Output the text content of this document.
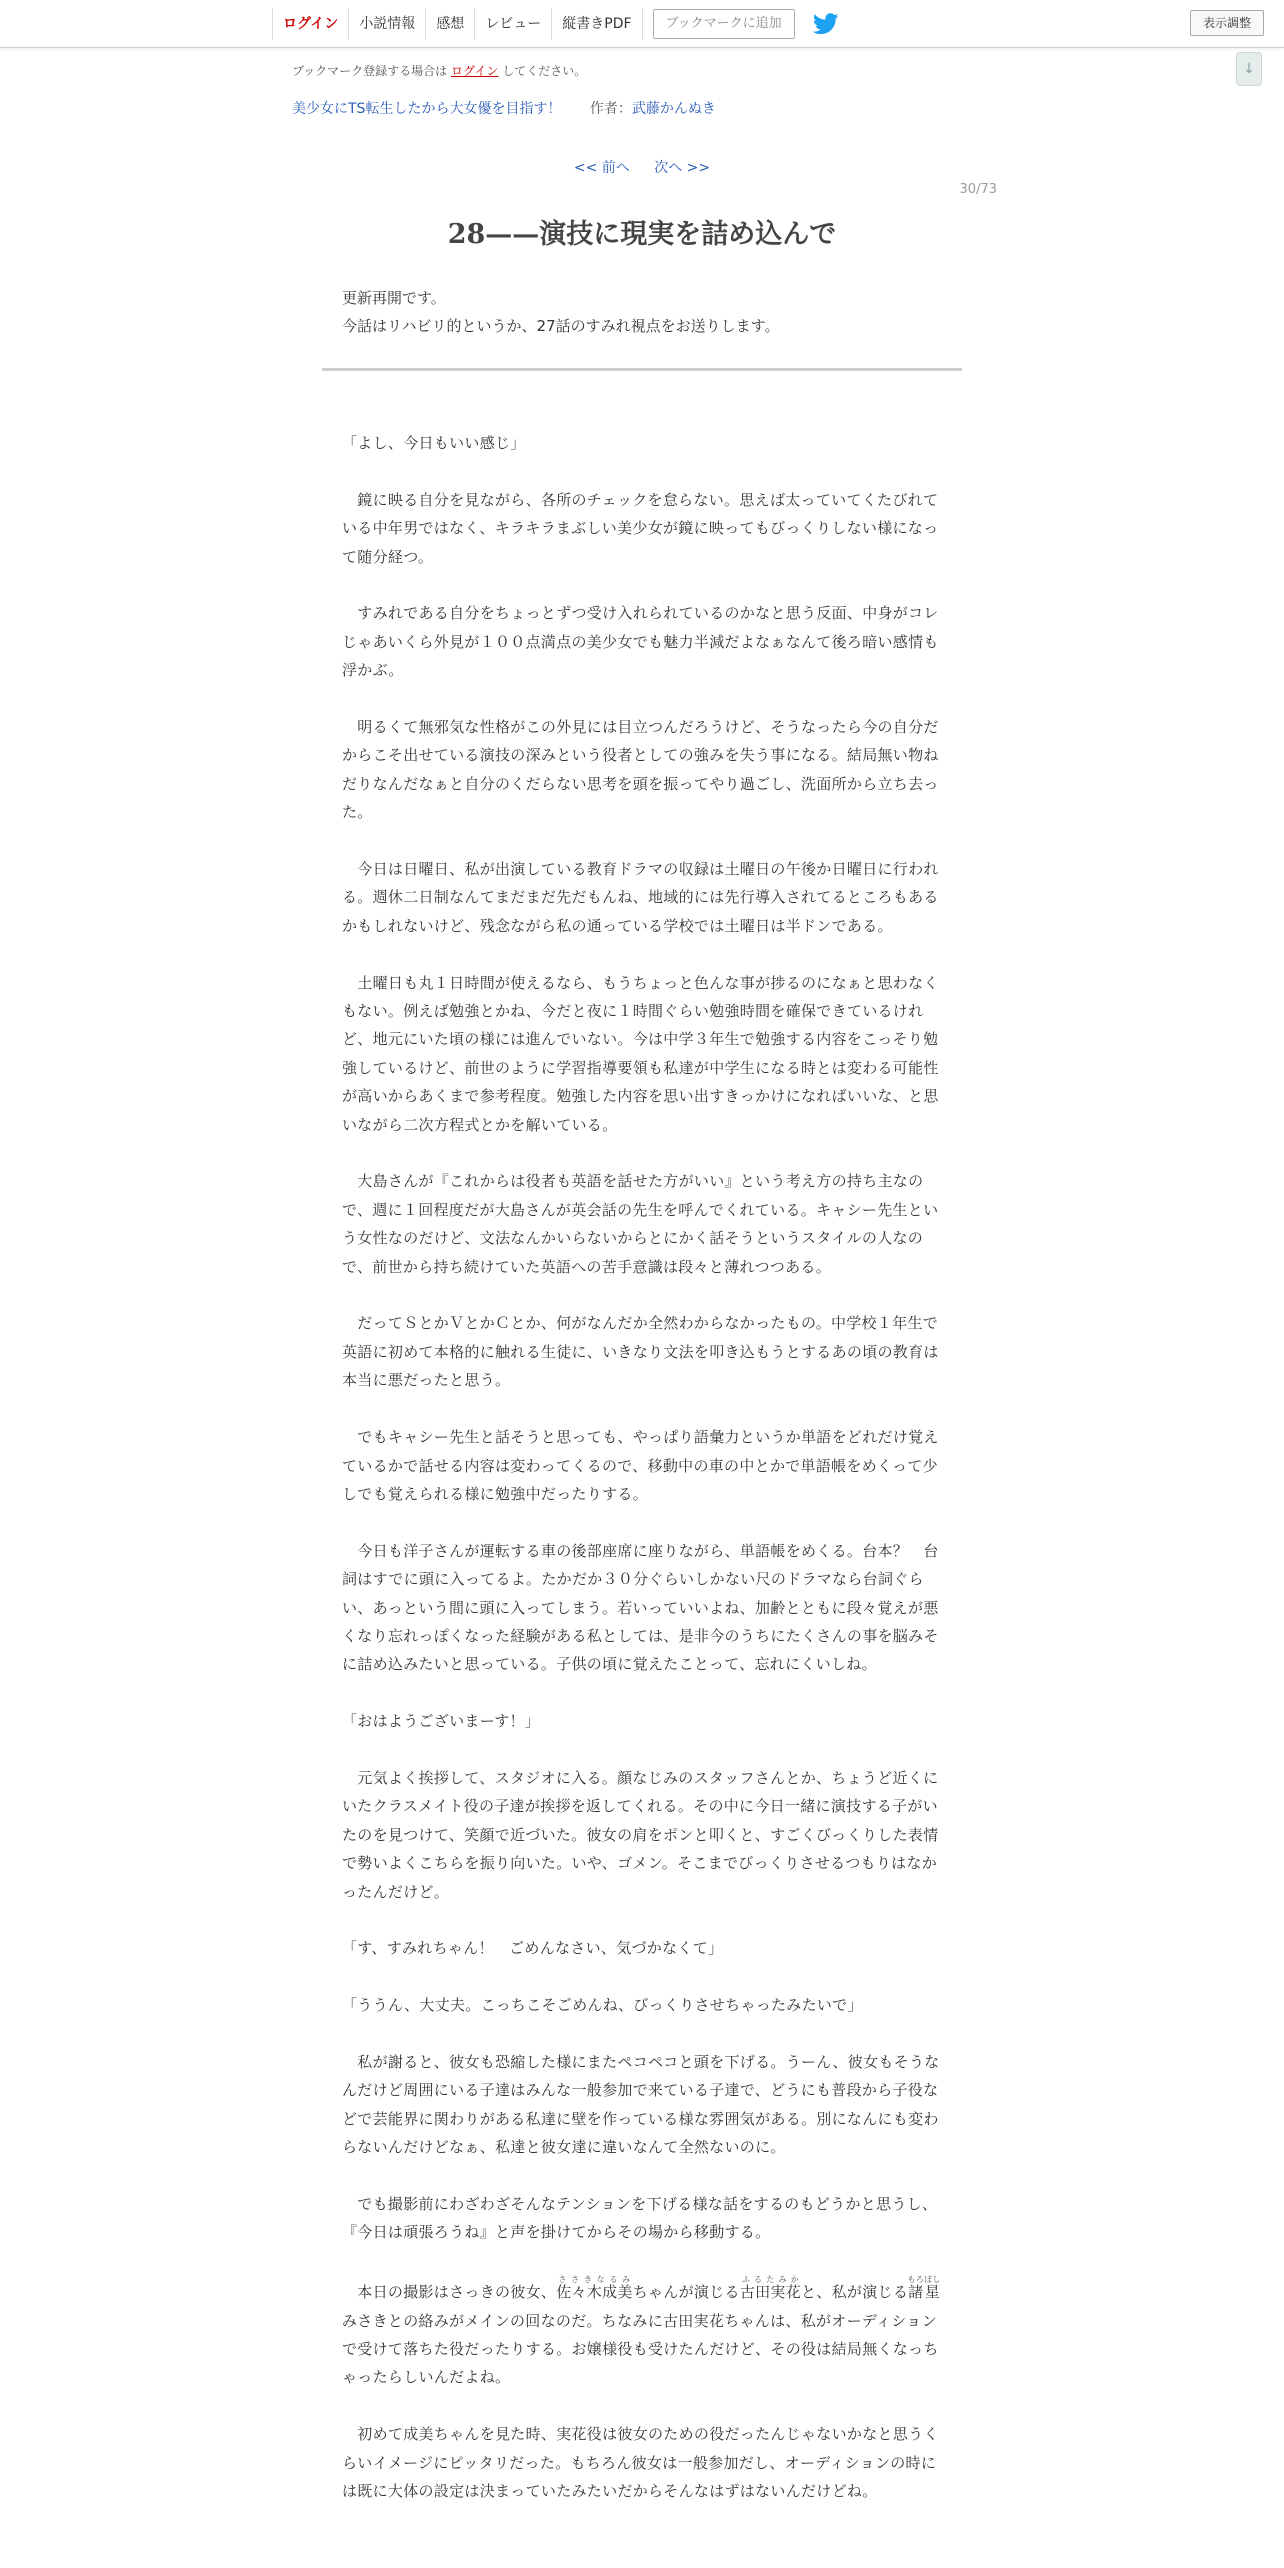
ログイン	小説情報	感想	レビュー	縦書きPDF	ブックマークに追加	表示調整
↓
ブックマーク登録する場合は ログイン してください。
美少女にTS転生したから大女優を目指す！ 作者：武藤かんぬき
<< 前へ 次へ >>
30/73
28——演技に現実を詰め込んで
更新再開です。
今話はリハビリ的というか、27話のすみれ視点をお送りします。

「よし、今日もいい感じ」

　鏡に映る自分を見ながら、各所のチェックを怠らない。思えば太っていてくたびれている中年男ではなく、キラキラまぶしい美少女が鏡に映ってもびっくりしない様になって随分経つ。

　すみれである自分をちょっとずつ受け入れられているのかなと思う反面、中身がコレじゃあいくら外見が１００点満点の美少女でも魅力半減だよなぁなんて後ろ暗い感情も浮かぶ。

　明るくて無邪気な性格がこの外見には目立つんだろうけど、そうなったら今の自分だからこそ出せている演技の深みという役者としての強みを失う事になる。結局無い物ねだりなんだなぁと自分のくだらない思考を頭を振ってやり過ごし、洗面所から立ち去った。

　今日は日曜日、私が出演している教育ドラマの収録は土曜日の午後か日曜日に行われる。週休二日制なんてまだまだ先だもんね、地域的には先行導入されてるところもあるかもしれないけど、残念ながら私の通っている学校では土曜日は半ドンである。

　土曜日も丸１日時間が使えるなら、もうちょっと色んな事が捗るのになぁと思わなくもない。例えば勉強とかね、今だと夜に１時間ぐらい勉強時間を確保できているけれど、地元にいた頃の様には進んでいない。今は中学３年生で勉強する内容をこっそり勉強しているけど、前世のように学習指導要領も私達が中学生になる時とは変わる可能性が高いからあくまで参考程度。勉強した内容を思い出すきっかけになればいいな、と思いながら二次方程式とかを解いている。

　大島さんが『これからは役者も英語を話せた方がいい』という考え方の持ち主なので、週に１回程度だが大島さんが英会話の先生を呼んでくれている。キャシー先生という女性なのだけど、文法なんかいらないからとにかく話そうというスタイルの人なので、前世から持ち続けていた英語への苦手意識は段々と薄れつつある。

　だってＳとかＶとかＣとか、何がなんだか全然わからなかったもの。中学校１年生で英語に初めて本格的に触れる生徒に、いきなり文法を叩き込もうとするあの頃の教育は本当に悪だったと思う。

　でもキャシー先生と話そうと思っても、やっぱり語彙力というか単語をどれだけ覚えているかで話せる内容は変わってくるので、移動中の車の中とかで単語帳をめくって少しでも覚えられる様に勉強中だったりする。

　今日も洋子さんが運転する車の後部座席に座りながら、単語帳をめくる。台本？　台詞はすでに頭に入ってるよ。たかだか３０分ぐらいしかない尺のドラマなら台詞ぐらい、あっという間に頭に入ってしまう。若いっていいよね、加齢とともに段々覚えが悪くなり忘れっぽくなった経験がある私としては、是非今のうちにたくさんの事を脳みそに詰め込みたいと思っている。子供の頃に覚えたことって、忘れにくいしね。

「おはようございまーす！」

　元気よく挨拶して、スタジオに入る。顔なじみのスタッフさんとか、ちょうど近くにいたクラスメイト役の子達が挨拶を返してくれる。その中に今日一緒に演技する子がいたのを見つけて、笑顔で近づいた。彼女の肩をポンと叩くと、すごくびっくりした表情で勢いよくこちらを振り向いた。いや、ゴメン。そこまでびっくりさせるつもりはなかったんだけど。

「す、すみれちゃん！　ごめんなさい、気づかなくて」

「ううん、大丈夫。こっちこそごめんね、びっくりさせちゃったみたいで」

　私が謝ると、彼女も恐縮した様にまたペコペコと頭を下げる。うーん、彼女もそうなんだけど周囲にいる子達はみんな一般参加で来ている子達で、どうにも普段から子役などで芸能界に関わりがある私達に壁を作っている様な雰囲気がある。別になんにも変わらないんだけどなぁ、私達と彼女達に違いなんて全然ないのに。

　でも撮影前にわざわざそんなテンションを下げる様な話をするのもどうかと思うし、『今日は頑張ろうね』と声を掛けてからその場から移動する。

　本日の撮影はさっきの彼女、佐々木成美ささきなるみちゃんが演じる古田実花ふるたみかと、私が演じる諸星もろぼしみさきとの絡みがメインの回なのだ。ちなみに古田実花ちゃんは、私がオーディションで受けて落ちた役だったりする。お嬢様役も受けたんだけど、その役は結局無くなっちゃったらしいんだよね。

　初めて成美ちゃんを見た時、実花役は彼女のための役だったんじゃないかなと思うくらいイメージにピッタリだった。もちろん彼女は一般参加だし、オーディションの時には既に大体の設定は決まっていたみたいだからそんなはずはないんだけどね。
